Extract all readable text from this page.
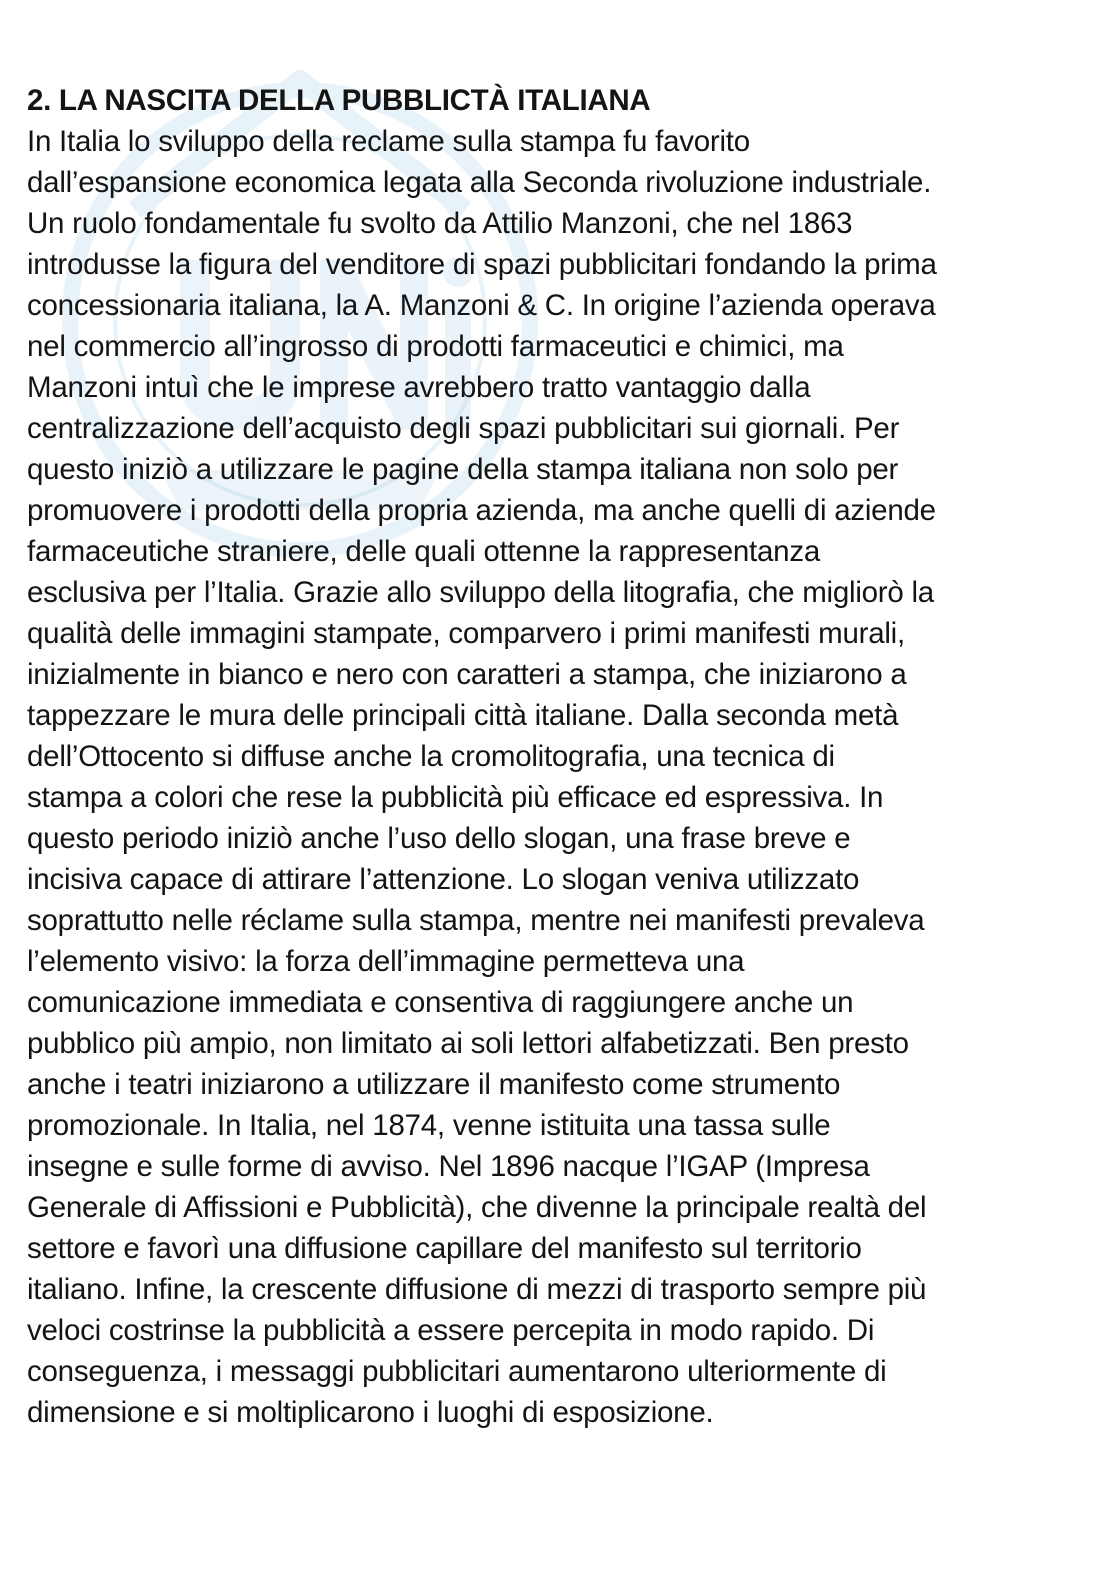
2. LA NASCITA DELLA PUBBLICTÀ ITALIANA

In Italia lo sviluppo della reclame sulla stampa fu favorito
dall’espansione economica legata alla Seconda rivoluzione industriale.
Un ruolo fondamentale fu svolto da Attilio Manzoni, che nel 1863
introdusse la figura del venditore di spazi pubblicitari fondando la prima
concessionaria italiana, la A. Manzoni & C. In origine l’azienda operava
nel commercio all’ingrosso di prodotti farmaceutici e chimici, ma
Manzoni intuì che le imprese avrebbero tratto vantaggio dalla
centralizzazione dell’acquisto degli spazi pubblicitari sui giornali. Per
questo iniziò a utilizzare le pagine della stampa italiana non solo per
promuovere i prodotti della propria azienda, ma anche quelli di aziende
farmaceutiche straniere, delle quali ottenne la rappresentanza
esclusiva per l’Italia. Grazie allo sviluppo della litografia, che migliorò la
qualità delle immagini stampate, comparvero i primi manifesti murali,
inizialmente in bianco e nero con caratteri a stampa, che iniziarono a
tappezzare le mura delle principali città italiane. Dalla seconda metà
dell’Ottocento si diffuse anche la cromolitografia, una tecnica di
stampa a colori che rese la pubblicità più efficace ed espressiva. In
questo periodo iniziò anche l’uso dello slogan, una frase breve e
incisiva capace di attirare l’attenzione. Lo slogan veniva utilizzato
soprattutto nelle réclame sulla stampa, mentre nei manifesti prevaleva
l’elemento visivo: la forza dell’immagine permetteva una
comunicazione immediata e consentiva di raggiungere anche un
pubblico più ampio, non limitato ai soli lettori alfabetizzati. Ben presto
anche i teatri iniziarono a utilizzare il manifesto come strumento
promozionale. In Italia, nel 1874, venne istituita una tassa sulle
insegne e sulle forme di avviso. Nel 1896 nacque l’IGAP (Impresa
Generale di Affissioni e Pubblicità), che divenne la principale realtà del
settore e favorì una diffusione capillare del manifesto sul territorio
italiano. Infine, la crescente diffusione di mezzi di trasporto sempre più
veloci costrinse la pubblicità a essere percepita in modo rapido. Di
conseguenza, i messaggi pubblicitari aumentarono ulteriormente di
dimensione e si moltiplicarono i luoghi di esposizione.
